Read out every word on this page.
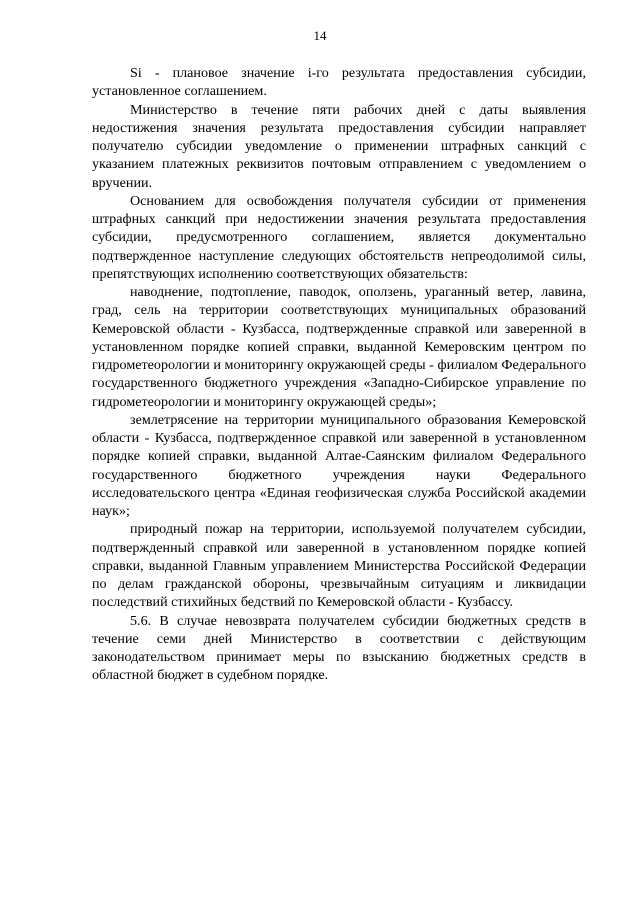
14

Si - плановое значение i-го результата предоставления субсидии, установленное соглашением.

Министерство в течение пяти рабочих дней с даты выявления недостижения значения результата предоставления субсидии направляет получателю субсидии уведомление о применении штрафных санкций с указанием платежных реквизитов почтовым отправлением с уведомлением о вручении.

Основанием для освобождения получателя субсидии от применения штрафных санкций при недостижении значения результата предоставления субсидии, предусмотренного соглашением, является документально подтвержденное наступление следующих обстоятельств непреодолимой силы, препятствующих исполнению соответствующих обязательств:

наводнение, подтопление, паводок, оползень, ураганный ветер, лавина, град, сель на территории соответствующих муниципальных образований Кемеровской области - Кузбасса, подтвержденные справкой или заверенной в установленном порядке копией справки, выданной Кемеровским центром по гидрометеорологии и мониторингу окружающей среды - филиалом Федерального государственного бюджетного учреждения «Западно-Сибирское управление по гидрометеорологии и мониторингу окружающей среды»;

землетрясение на территории муниципального образования Кемеровской области - Кузбасса, подтвержденное справкой или заверенной в установленном порядке копией справки, выданной Алтае-Саянским филиалом Федерального государственного бюджетного учреждения науки Федерального исследовательского центра «Единая геофизическая служба Российской академии наук»;

природный пожар на территории, используемой получателем субсидии, подтвержденный справкой или заверенной в установленном порядке копией справки, выданной Главным управлением Министерства Российской Федерации по делам гражданской обороны, чрезвычайным ситуациям и ликвидации последствий стихийных бедствий по Кемеровской области - Кузбассу.

5.6. В случае невозврата получателем субсидии бюджетных средств в течение семи дней Министерство в соответствии с действующим законодательством принимает меры по взысканию бюджетных средств в областной бюджет в судебном порядке.
